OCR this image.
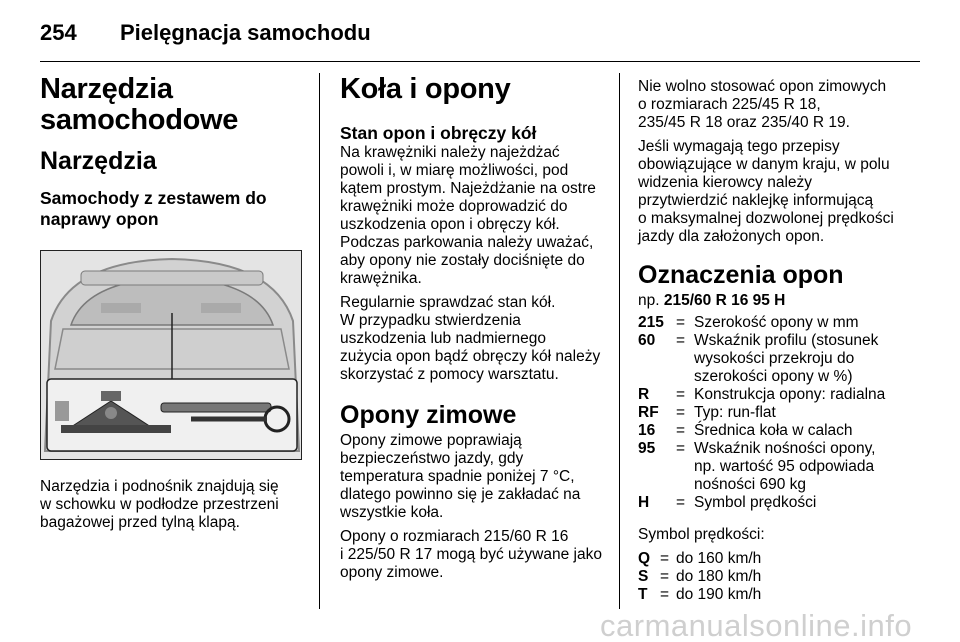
254 Pielęgnacja samochodu
Narzędzia
samochodowe
Narzędzia
Samochody z zestawem do
naprawy opon
Narzędzia i podnośnik znajdują się
w schowku w podłodze przestrzeni
bagażowej przed tylną klapą.
Koła i opony
Stan opon i obręczy kół
Na krawężniki należy najeżdżać
powoli i, w miarę możliwości, pod
kątem prostym. Najeżdżanie na ostre
krawężniki może doprowadzić do
uszkodzenia opon i obręczy kół.
Podczas parkowania należy uważać,
aby opony nie zostały dociśnięte do
krawężnika.
Regularnie sprawdzać stan kół.
W przypadku stwierdzenia
uszkodzenia lub nadmiernego
zużycia opon bądź obręczy kół należy
skorzystać z pomocy warsztatu.
Opony zimowe
Opony zimowe poprawiają
bezpieczeństwo jazdy, gdy
temperatura spadnie poniżej 7 °C,
dlatego powinno się je zakładać na
wszystkie koła.
Opony o rozmiarach 215/60 R 16
i 225/50 R 17 mogą być używane jako
opony zimowe.
Nie wolno stosować opon zimowych
o rozmiarach 225/45 R 18,
235/45 R 18 oraz 235/40 R 19.
Jeśli wymagają tego przepisy
obowiązujące w danym kraju, w polu
widzenia kierowcy należy
przytwierdzić naklejkę informującą
o maksymalnej dozwolonej prędkości
jazdy dla założonych opon.
Oznaczenia opon
np. 215/60 R 16 95 H
215 = Szerokość opony w mm
60	= Wskaźnik profilu (stosunek
wysokości przekroju do
szerokości opony w %)
R	= Konstrukcja opony: radialna
RF	= Typ: run-flat
16	= Średnica koła w calach
95	= Wskaźnik nośności opony,
np. wartość 95 odpowiada
nośności 690 kg
H	= Symbol prędkości
Symbol prędkości:
Q = do 160 km/h
S = do 180 km/h
T = do 190 km/h
carmanualsonline.info
